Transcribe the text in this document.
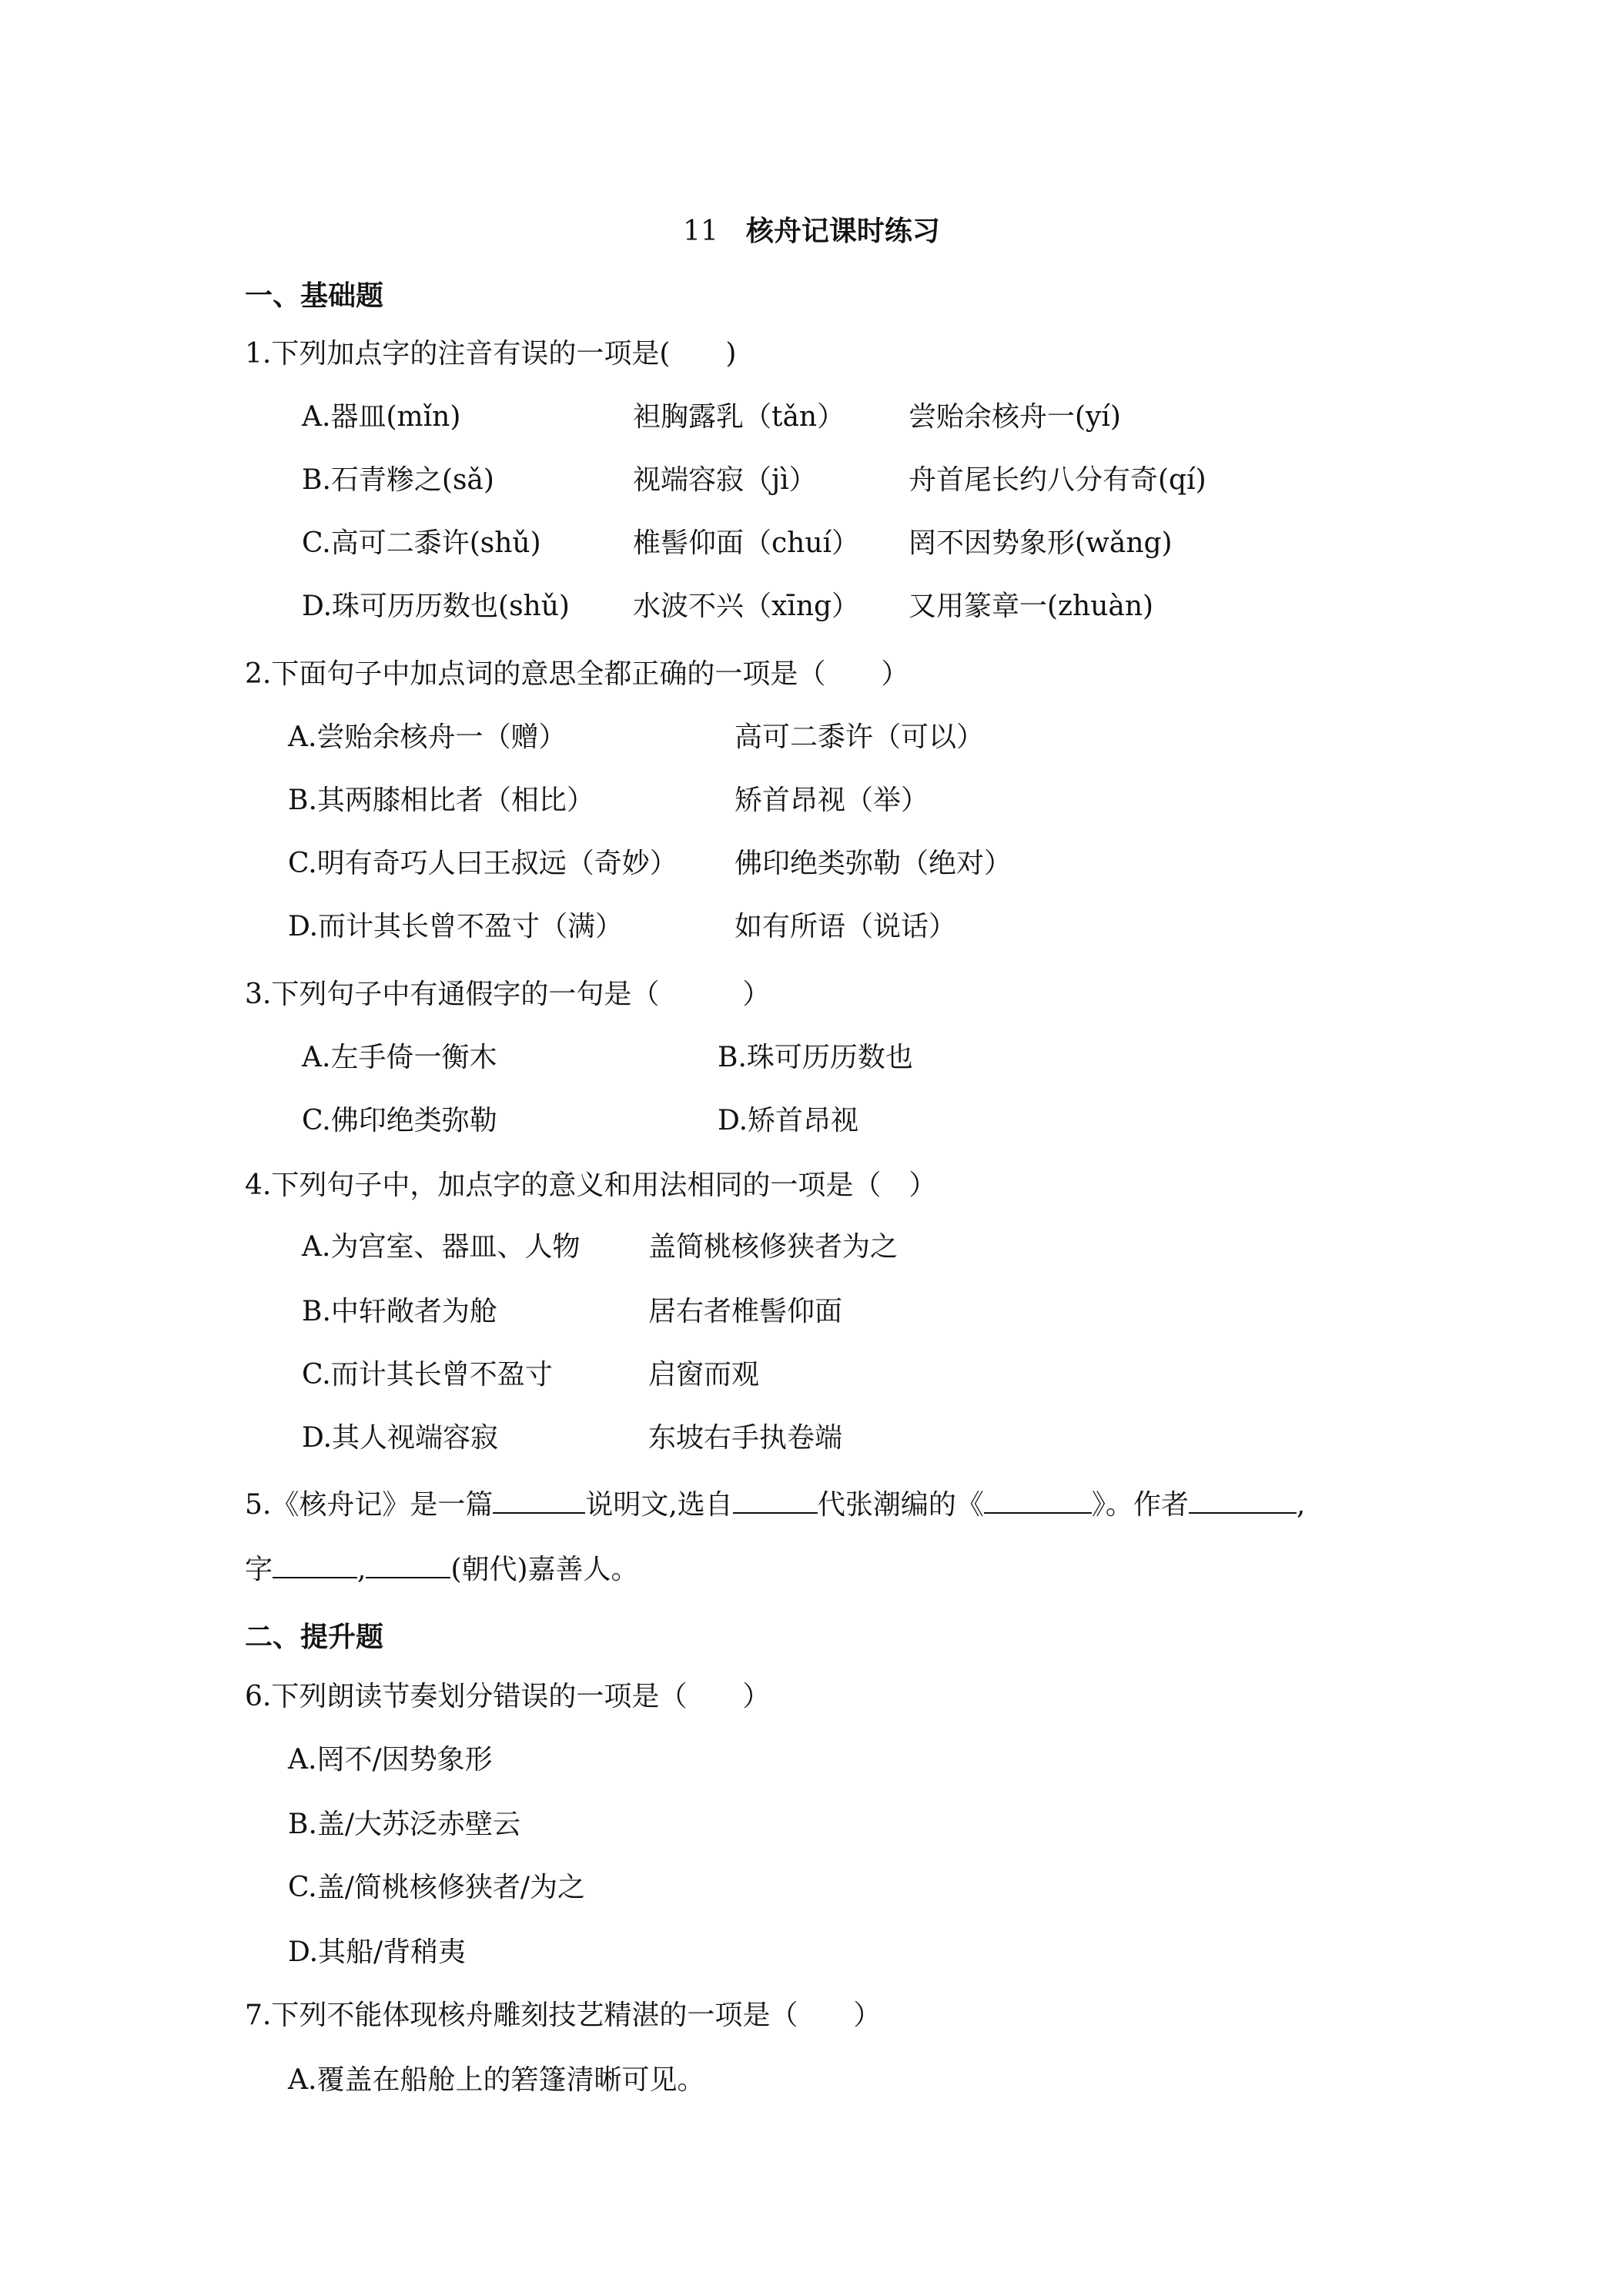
11 核舟记课时练习
一、基础题
1.下列加点字的注音有误的一项是(　　)
A.器皿(mǐn)	袒胸露乳（tǎn） 尝贻余核舟一(yí)
B.石青糁之(sǎ)	视端容寂（jì）	舟首尾长约八分有奇(qí)
C.高可二黍许(shǔ)	椎髻仰面（chuí） 罔不因势象形(wǎng)
D.珠可历历数也(shǔ) 水波不兴（xīng） 又用篆章一(zhuàn)
2.下面句子中加点词的意思全都正确的一项是（　　）
A.尝贻余核舟一（赠）	高可二黍许（可以）
B.其两膝相比者（相比）	矫首昂视（举）
C.明有奇巧人曰王叔远（奇妙） 佛印绝类弥勒（绝对）
D.而计其长曾不盈寸（满）	如有所语（说话）
3.下列句子中有通假字的一句是（　　　）
A.左手倚一衡木	B.珠可历历数也
C.佛印绝类弥勒	D.矫首昂视
4.下列句子中，加点字的意义和用法相同的一项是（　）
A.为宫室、器皿、人物 盖简桃核修狭者为之
B.中轩敞者为舱	居右者椎髻仰面
C.而计其长曾不盈寸	启窗而观
D.其人视端容寂	东坡右手执卷端
5.《核舟记》是一篇	说明文,选自	代张潮编的《	》。作者	,
字	,	(朝代)嘉善人。
二、提升题
6.下列朗读节奏划分错误的一项是（　　）
A.罔不/因势象形
B.盖/大苏泛赤壁云
C.盖/简桃核修狭者/为之
D.其船/背稍夷
7.下列不能体现核舟雕刻技艺精湛的一项是（　　）
A.覆盖在船舱上的箬篷清晰可见。
